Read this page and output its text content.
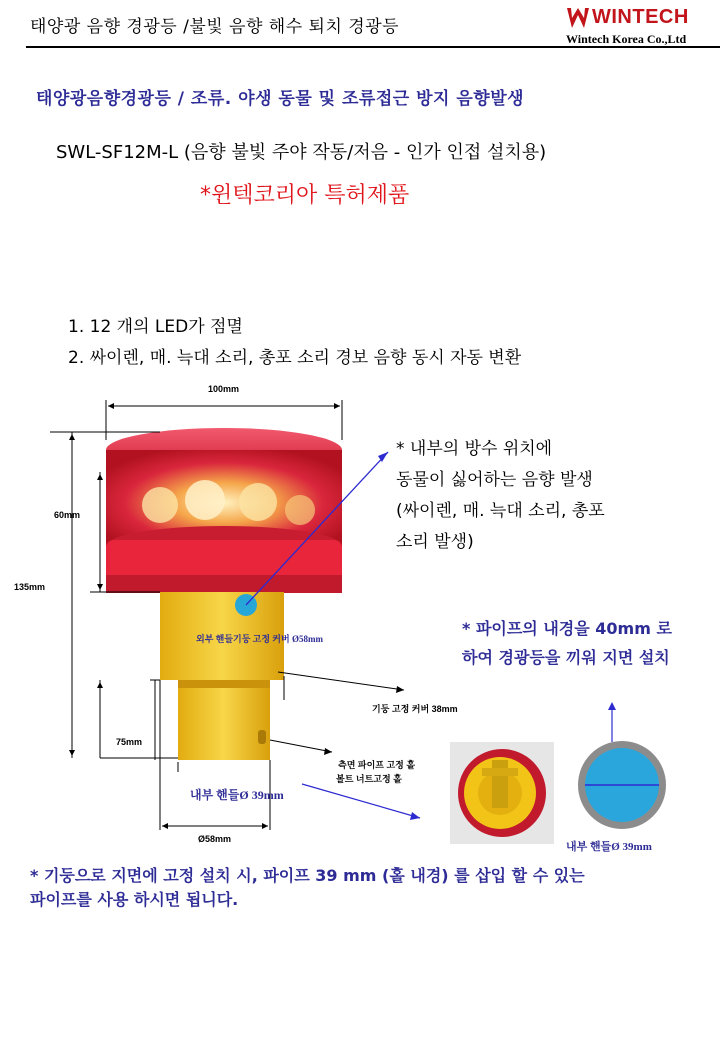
태양광 음향 경광등 /불빛 음향 해수 퇴치 경광등	WINTECH
Wintech Korea Co.,Ltd
태양광음향경광등 / 조류. 야생 동물 및 조류접근 방지 음향발생
SWL-SF12M-L (음향 불빛 주야 작동/저음 - 인가 인접 설치용)
*윈텍코리아 특허제품
1. 12 개의 LED가 점멸
2. 싸이렌, 매. 늑대 소리, 총포 소리 경보 음향 동시 자동 변환
100mm
60mm
135mm
75mm
Ø58mm
외부 핸들기둥 고정 커버 Ø58mm
기둥 고정 커버 38mm
측면 파이프 고정 홀
볼트 너트고정 홀
내부 핸들Ø 39mm
내부 핸들Ø 39mm
* 내부의 방수 위치에
동물이 싫어하는 음향 발생
(싸이렌, 매. 늑대 소리, 총포
소리 발생)
* 파이프의 내경을 40mm 로
하여 경광등을 끼워 지면 설치
* 기둥으로 지면에 고정 설치 시, 파이프 39 mm (홀 내경) 를 삽입 할 수 있는
파이프를 사용 하시면 됩니다.
